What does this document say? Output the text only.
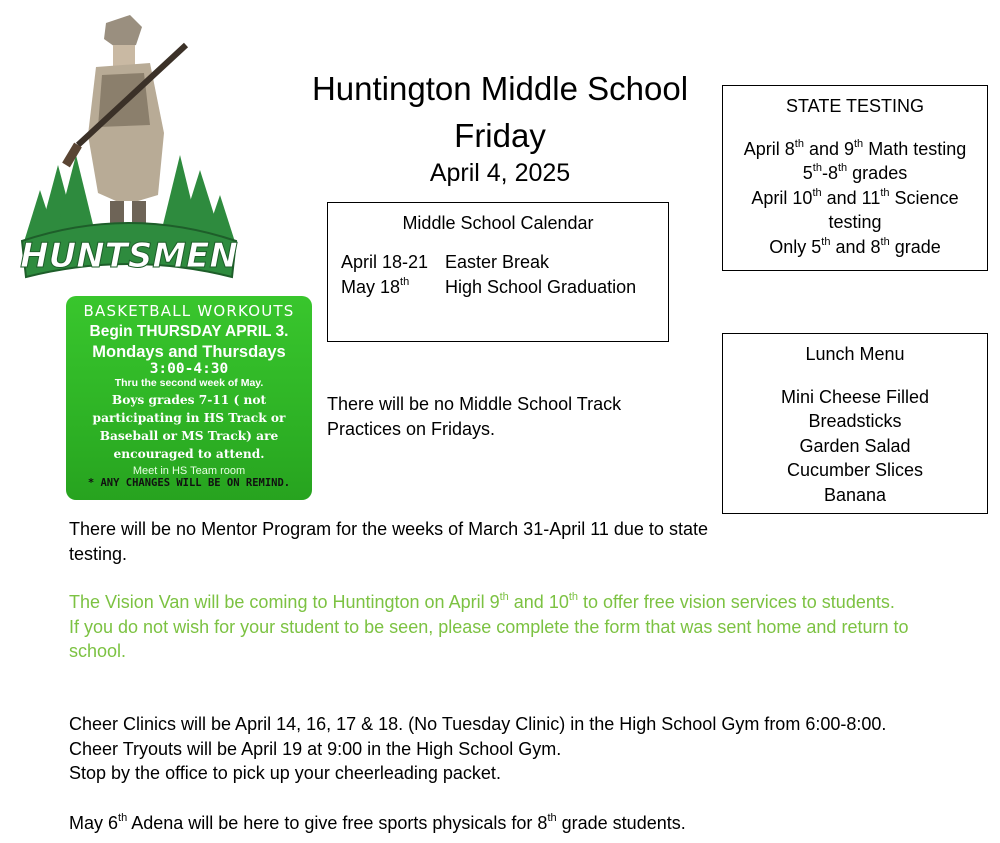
HUNTSMEN
Huntington Middle School
Friday
April 4, 2025
STATE TESTING
April 8th and 9th Math testing
5th-8th grades
April 10th and 11th Science
testing
Only 5th and 8th grade
Middle School Calendar
April 18-21 Easter Break
May 18th High School Graduation
Lunch Menu
Mini Cheese Filled
Breadsticks
Garden Salad
Cucumber Slices
Banana
BASKETBALL WORKOUTS
Begin THURSDAY APRIL 3.
Mondays and Thursdays
3:00-4:30
Thru the second week of May.
Boys grades 7-11 ( not participating in HS Track or Baseball or MS Track) are encouraged to attend.
Meet in HS Team room
* ANY CHANGES WILL BE ON REMIND.
There will be no Middle School Track Practices on Fridays.
There will be no Mentor Program for the weeks of March 31-April 11 due to state testing.
The Vision Van will be coming to Huntington on April 9th and 10th to offer free vision services to students.
If you do not wish for your student to be seen, please complete the form that was sent home and return to school.
Cheer Clinics will be April 14, 16, 17 & 18. (No Tuesday Clinic) in the High School Gym from 6:00-8:00.
Cheer Tryouts will be April 19 at 9:00 in the High School Gym.
Stop by the office to pick up your cheerleading packet.
May 6th Adena will be here to give free sports physicals for 8th grade students.
